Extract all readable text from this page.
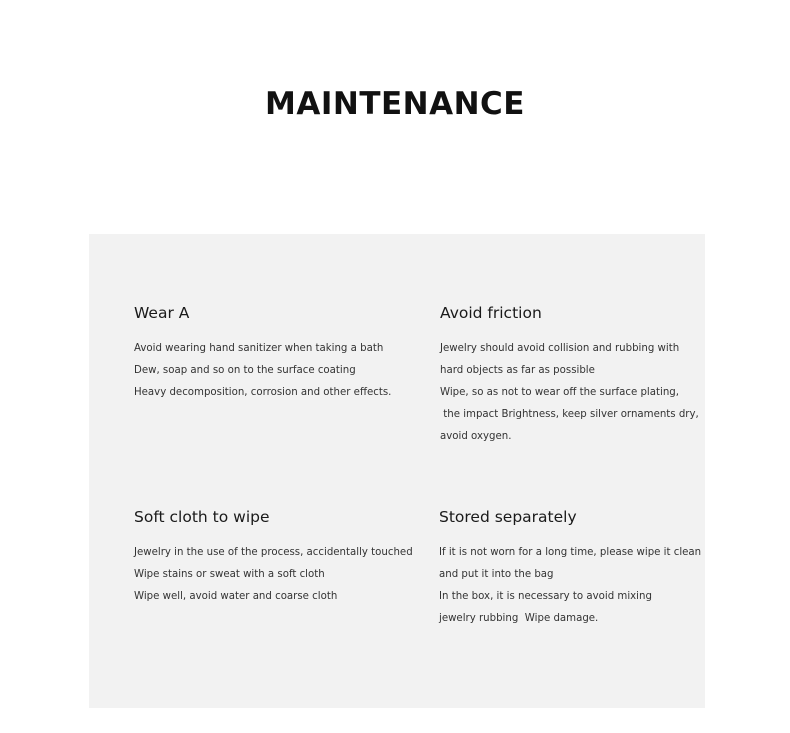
MAINTENANCE
Wear A
Avoid wearing hand sanitizer when taking a bath
Dew, soap and so on to the surface coating
Heavy decomposition, corrosion and other effects.
Avoid friction
Jewelry should avoid collision and rubbing with
hard objects as far as possible
Wipe, so as not to wear off the surface plating,
the impact Brightness, keep silver ornaments dry,
avoid oxygen.
Soft cloth to wipe
Jewelry in the use of the process, accidentally touched
Wipe stains or sweat with a soft cloth
Wipe well, avoid water and coarse cloth
Stored separately
If it is not worn for a long time, please wipe it clean
and put it into the bag
In the box, it is necessary to avoid mixing
jewelry rubbing  Wipe damage.
